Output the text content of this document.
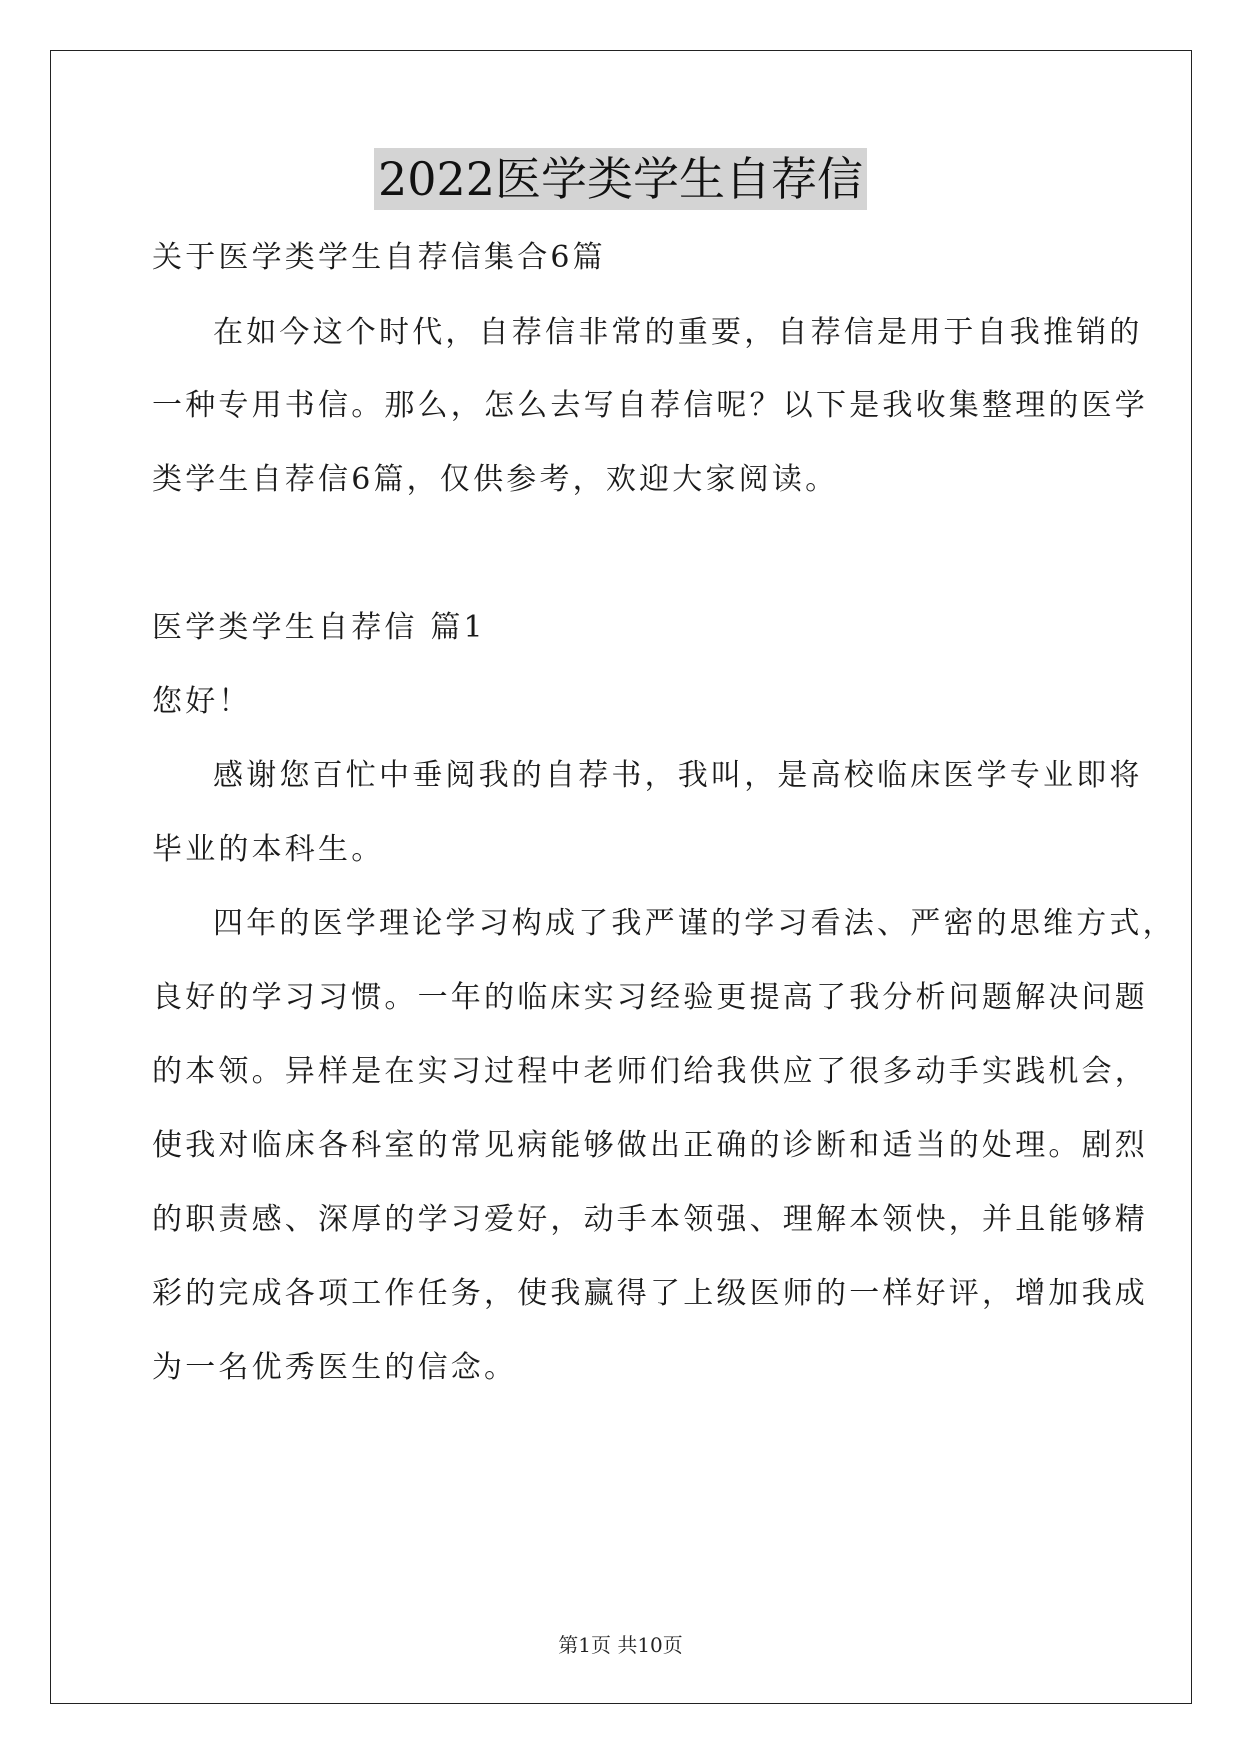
2022医学类学生自荐信
关于医学类学生自荐信集合6篇
在如今这个时代，自荐信非常的重要，自荐信是用于自我推销的
一种专用书信。那么，怎么去写自荐信呢？以下是我收集整理的医学
类学生自荐信6篇，仅供参考，欢迎大家阅读。
医学类学生自荐信 篇1
您好！
感谢您百忙中垂阅我的自荐书，我叫，是高校临床医学专业即将
毕业的本科生。
四年的医学理论学习构成了我严谨的学习看法、严密的思维方式，
良好的学习习惯。一年的临床实习经验更提高了我分析问题解决问题
的本领。异样是在实习过程中老师们给我供应了很多动手实践机会，
使我对临床各科室的常见病能够做出正确的诊断和适当的处理。剧烈
的职责感、深厚的学习爱好，动手本领强、理解本领快，并且能够精
彩的完成各项工作任务，使我赢得了上级医师的一样好评，增加我成
为一名优秀医生的信念。
第1页 共10页
